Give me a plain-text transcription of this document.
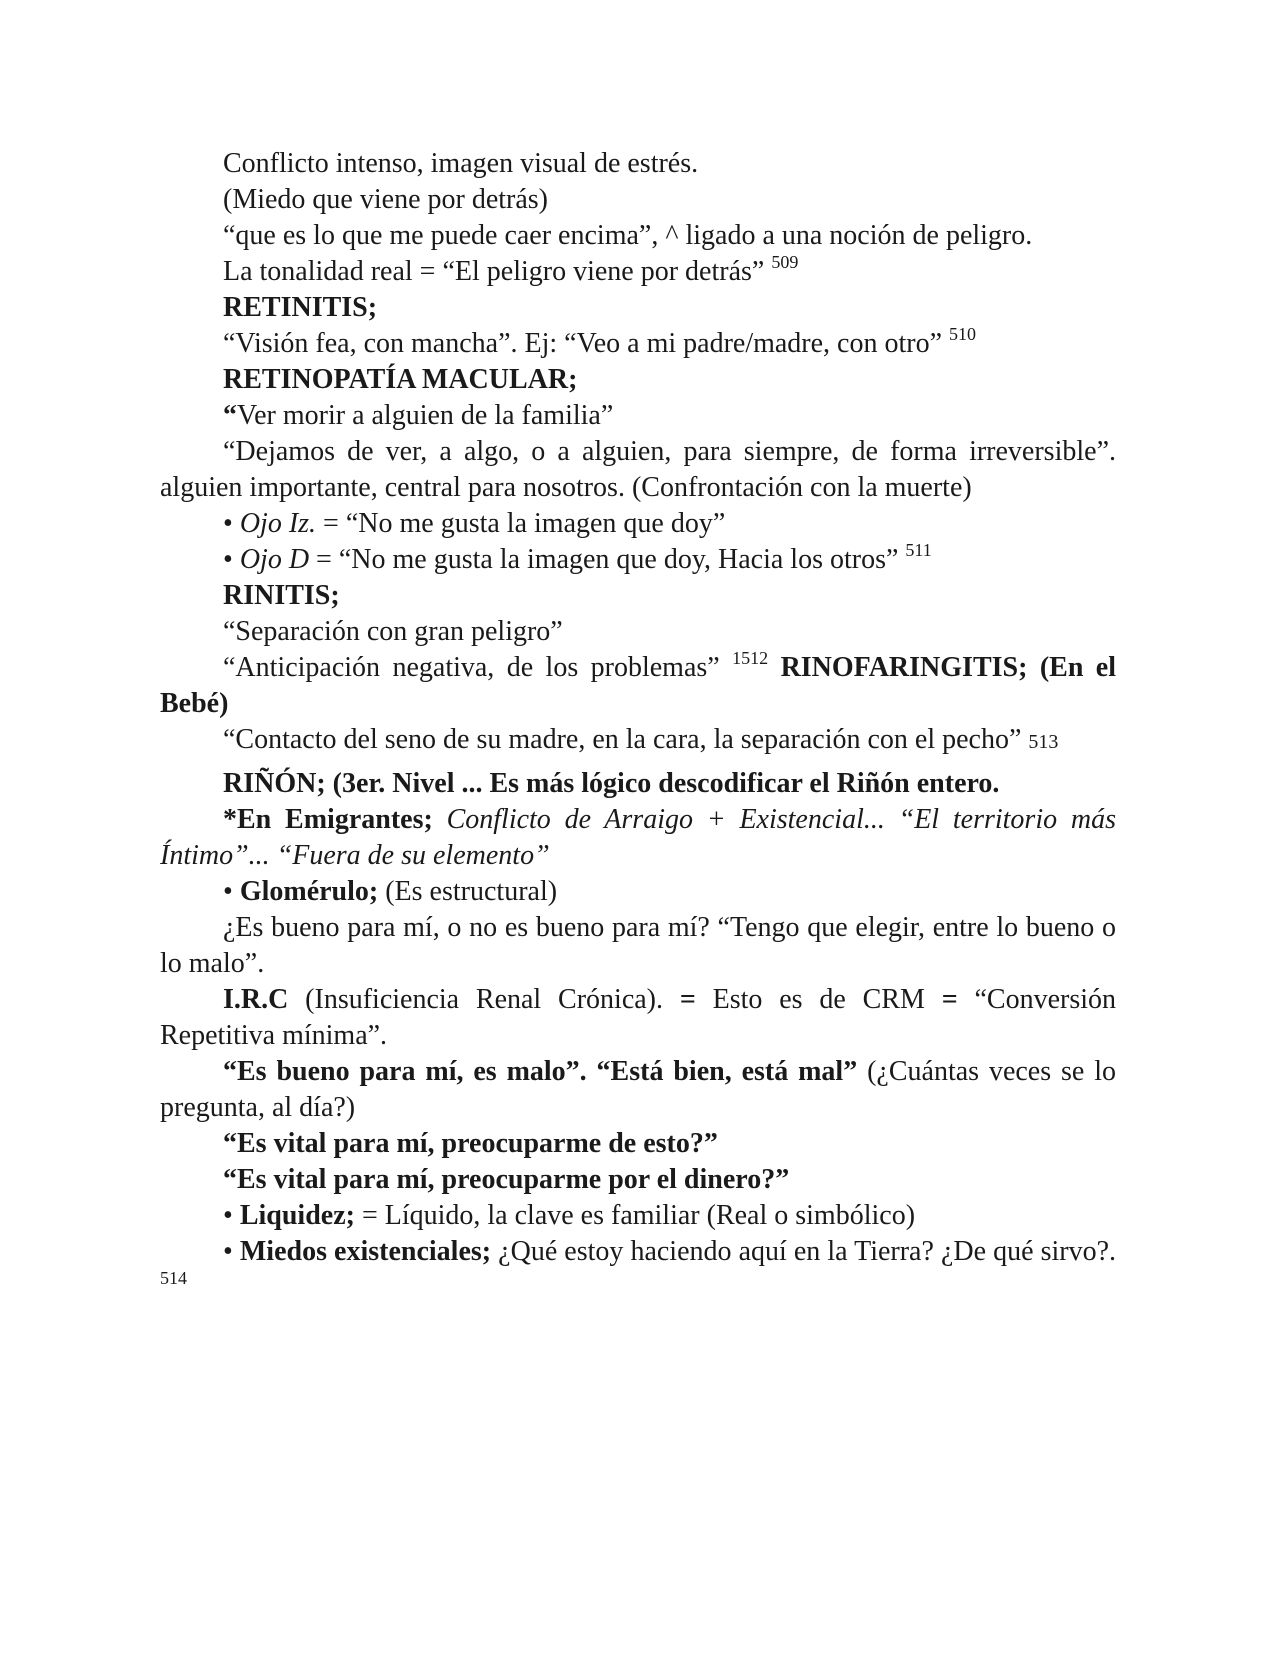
Conflicto intenso, imagen visual de estrés.

(Miedo que viene por detrás)

“que es lo que me puede caer encima”, ^ ligado a una noción de peligro.

La tonalidad real = “El peligro viene por detrás” $^{509}$

RETINITIS;

“Visión fea, con mancha”. Ej: “Veo a mi padre/madre, con otro” $^{510}$

RETINOPATÍA MACULAR;

“Ver morir a alguien de la familia”

“Dejamos de ver, a algo, o a alguien, para siempre, de forma irreversible”. alguien importante, central para nosotros. (Confrontación con la muerte)

• Ojo Iz. = “No me gusta la imagen que doy”

• Ojo D = “No me gusta la imagen que doy, Hacia los otros” $^{511}$

RINITIS;

“Separación con gran peligro”

“Anticipación negativa, de los problemas” $^{1512}$ RINOFARINGITIS; (En el Bebé)

“Contacto del seno de su madre, en la cara, la separación con el pecho” 513

RIÑÓN; (3er. Nivel ... Es más lógico descodificar el Riñón entero.

*En Emigrantes; Conflicto de Arraigo + Existencial... “El territorio más Íntimo”... “Fuera de su elemento”

• Glomérulo; (Es estructural)

¿Es bueno para mí, o no es bueno para mí? “Tengo que elegir, entre lo bueno o lo malo”.

I.R.C (Insuficiencia Renal Crónica). = Esto es de CRM = “Conversión Repetitiva mínima”.

“Es bueno para mí, es malo”. “Está bien, está mal” (¿Cuántas veces se lo pregunta, al día?)

“Es vital para mí, preocuparme de esto?”

“Es vital para mí, preocuparme por el dinero?”

• Liquidez; = Líquido, la clave es familiar (Real o simbólico)

• Miedos existenciales; ¿Qué estoy haciendo aquí en la Tierra? ¿De qué sirvo?. $^{514}$
